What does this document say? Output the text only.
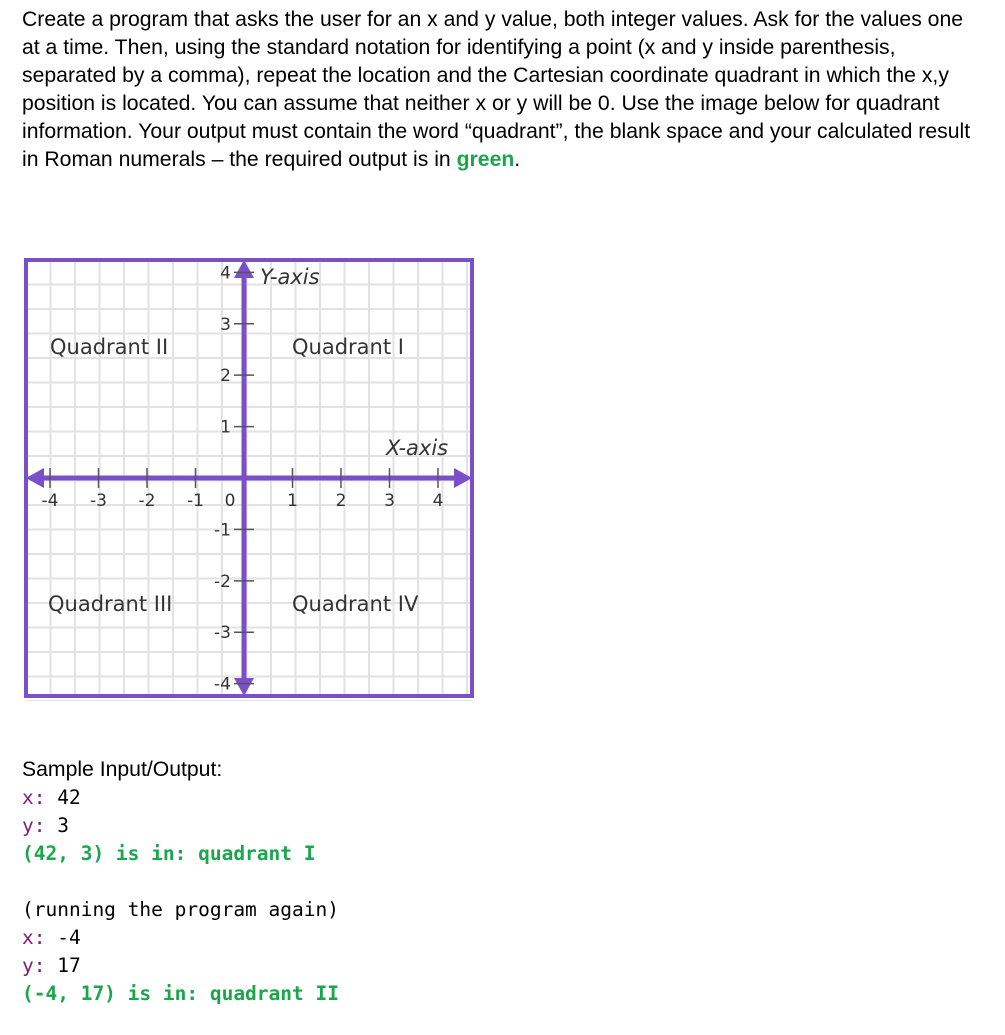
Create a program that asks the user for an x and y value, both integer values. Ask for the values one at a time. Then, using the standard notation for identifying a point (x and y inside parenthesis, separated by a comma), repeat the location and the Cartesian coordinate quadrant in which the x,y position is located. You can assume that neither x or y will be 0. Use the image below for quadrant information. Your output must contain the word “quadrant”, the blank space and your calculated result in Roman numerals – the required output is in green.

-4 -3 -2 -1	1 2 3 4
4
3
2
1
-1
-2
-3
-4
0
Y-axis
X-axis
Quadrant I
Quadrant II
Quadrant III	Quadrant IV

Sample Input/Output:

x: 42
y: 3
(42, 3) is in: quadrant I
(running the program again)
x: -4
y: 17
(-4, 17) is in: quadrant II
